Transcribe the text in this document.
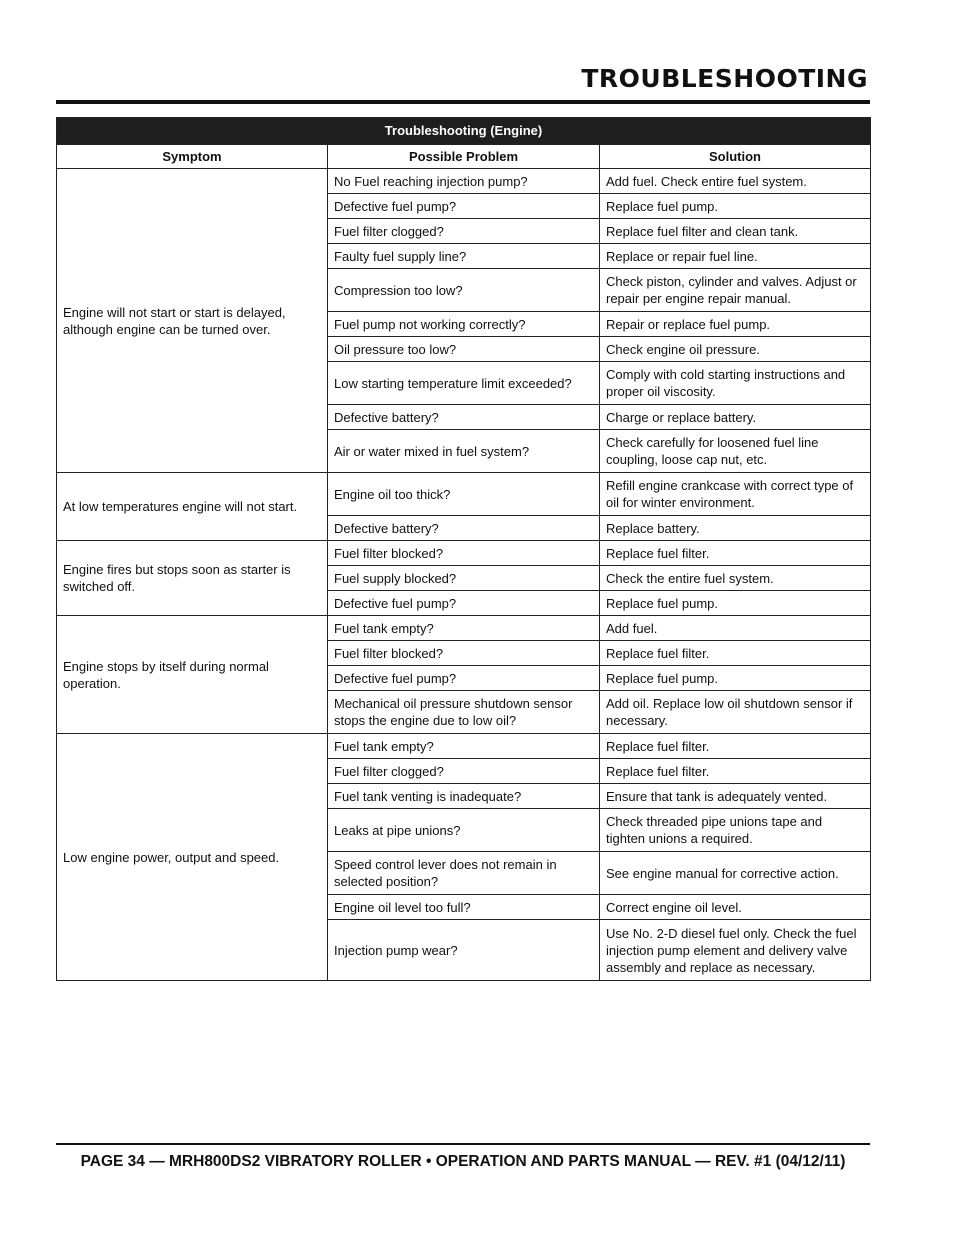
TROUBLESHOOTING
Troubleshooting (Engine)
Symptom	Possible Problem	Solution
Engine will not start or start is delayed, although engine can be turned over.	No Fuel reaching injection pump?	Add fuel. Check entire fuel system.
	Defective fuel pump?	Replace fuel pump.
	Fuel filter clogged?	Replace fuel filter and clean tank.
	Faulty fuel supply line?	Replace or repair fuel line.
	Compression too low?	Check piston, cylinder and valves. Adjust or repair per engine repair manual.
	Fuel pump not working correctly?	Repair or replace fuel pump.
	Oil pressure too low?	Check engine oil pressure.
	Low starting temperature limit exceeded?	Comply with cold starting instructions and proper oil viscosity.
	Defective battery?	Charge or replace battery.
	Air or water mixed in fuel system?	Check carefully for loosened fuel line coupling, loose cap nut, etc.
At low temperatures engine will not start.	Engine oil too thick?	Refill engine crankcase with correct type of oil for winter environment.
	Defective battery?	Replace battery.
Engine fires but stops soon as starter is switched off.	Fuel filter blocked?	Replace fuel filter.
	Fuel supply blocked?	Check the entire fuel system.
	Defective fuel pump?	Replace fuel pump.
Engine stops by itself during normal operation.	Fuel tank empty?	Add fuel.
	Fuel filter blocked?	Replace fuel filter.
	Defective fuel pump?	Replace fuel pump.
	Mechanical oil pressure shutdown sensor stops the engine due to low oil?	Add oil. Replace low oil shutdown sensor if necessary.
Low engine power, output and speed.	Fuel tank empty?	Replace fuel filter.
	Fuel filter clogged?	Replace fuel filter.
	Fuel tank venting is inadequate?	Ensure that tank is adequately vented.
	Leaks at pipe unions?	Check threaded pipe unions tape and tighten unions a required.
	Speed control lever does not remain in selected position?	See engine manual for corrective action.
	Engine oil level too full?	Correct engine oil level.
	Injection pump wear?	Use No. 2-D diesel fuel only. Check the fuel injection pump element and delivery valve assembly and replace as necessary.

PAGE 34 — MRH800DS2 VIBRATORY ROLLER • OPERATION AND PARTS MANUAL — REV. #1 (04/12/11)
